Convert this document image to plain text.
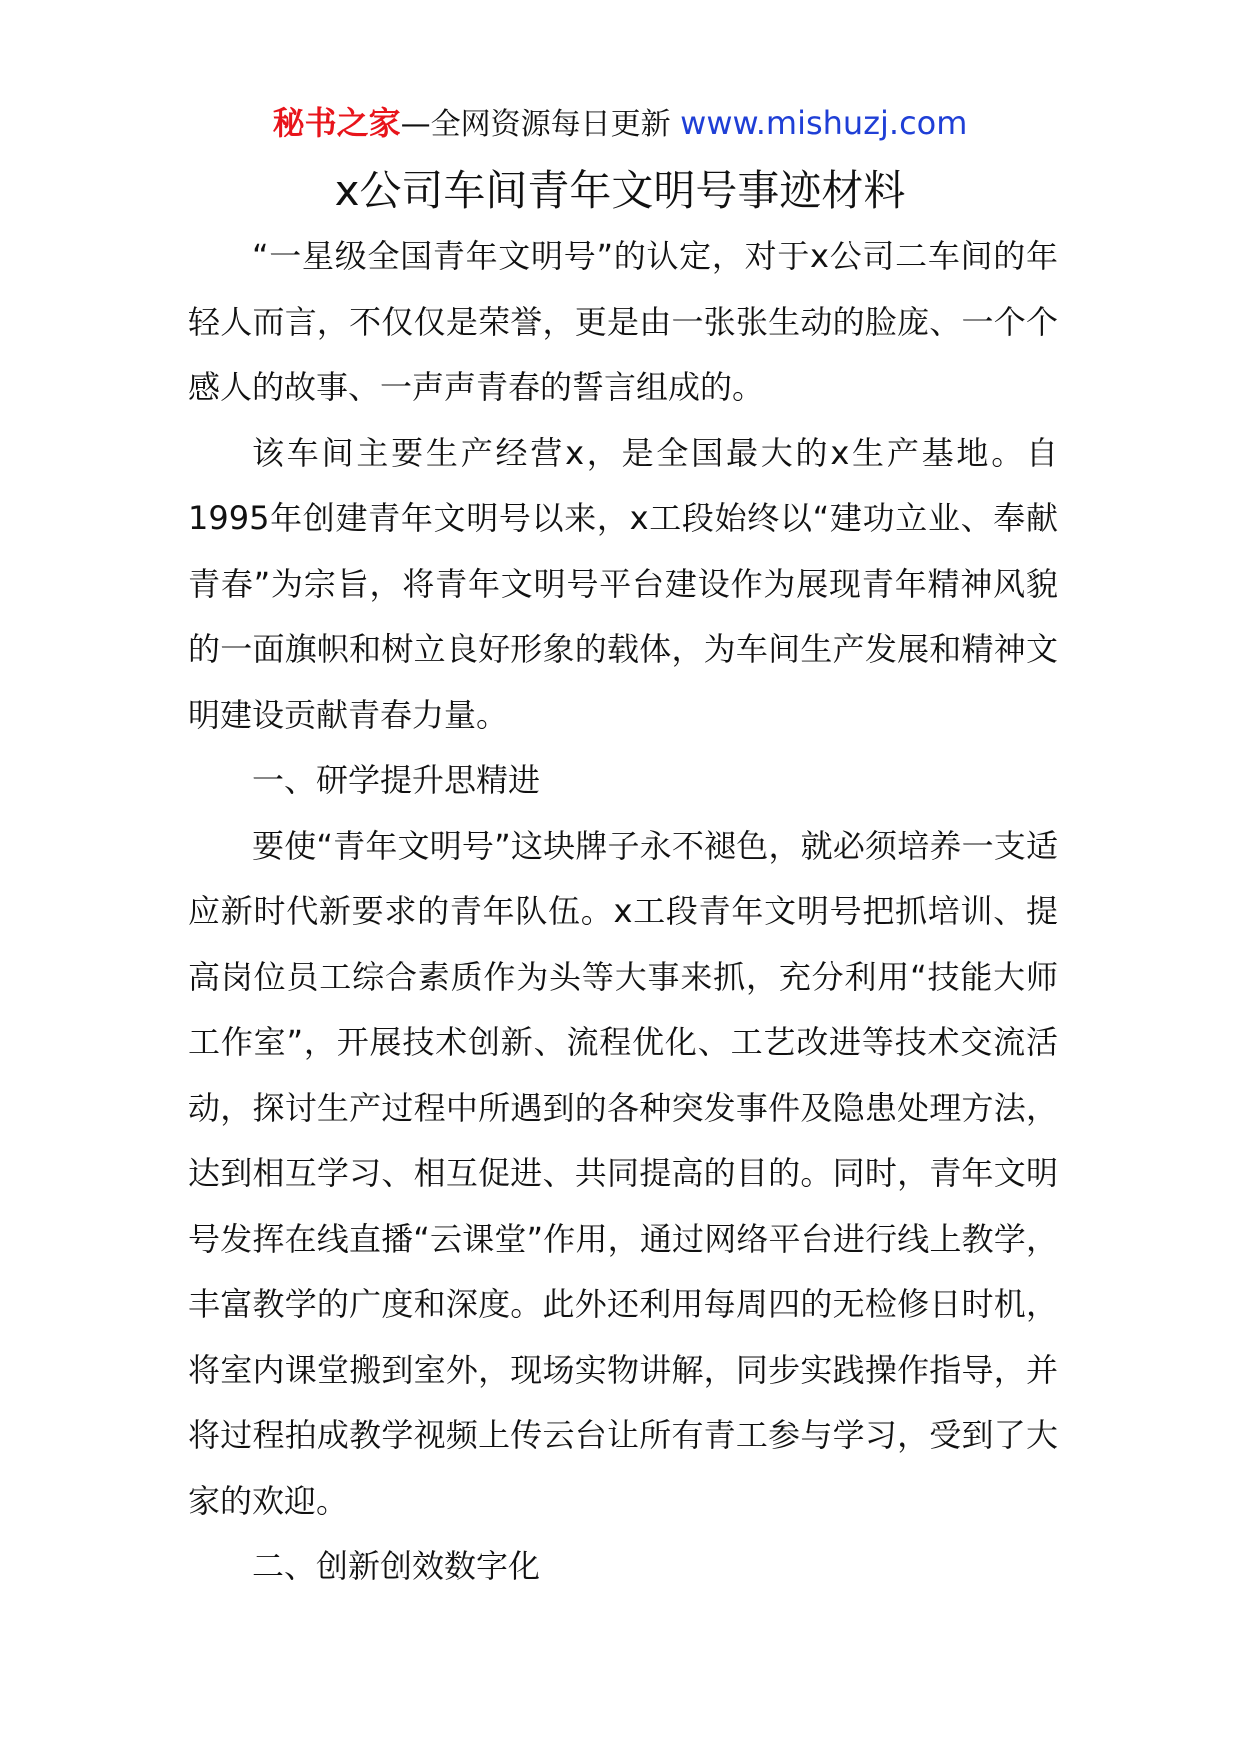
秘书之家—全网资源每日更新 www.mishuzj.com
x公司车间青年文明号事迹材料

“一星级全国青年文明号”的认定，对于x公司二车间的年轻人而言，不仅仅是荣誉，更是由一张张生动的脸庞、一个个感人的故事、一声声青春的誓言组成的。

该车间主要生产经营x，是全国最大的x生产基地。自1995年创建青年文明号以来，x工段始终以“建功立业、奉献青春”为宗旨，将青年文明号平台建设作为展现青年精神风貌的一面旗帜和树立良好形象的载体，为车间生产发展和精神文明建设贡献青春力量。

一、研学提升思精进

要使“青年文明号”这块牌子永不褪色，就必须培养一支适应新时代新要求的青年队伍。x工段青年文明号把抓培训、提高岗位员工综合素质作为头等大事来抓，充分利用“技能大师工作室”，开展技术创新、流程优化、工艺改进等技术交流活动，探讨生产过程中所遇到的各种突发事件及隐患处理方法，达到相互学习、相互促进、共同提高的目的。同时，青年文明号发挥在线直播“云课堂”作用，通过网络平台进行线上教学，丰富教学的广度和深度。此外还利用每周四的无检修日时机，将室内课堂搬到室外，现场实物讲解，同步实践操作指导，并将过程拍成教学视频上传云台让所有青工参与学习，受到了大家的欢迎。

二、创新创效数字化
